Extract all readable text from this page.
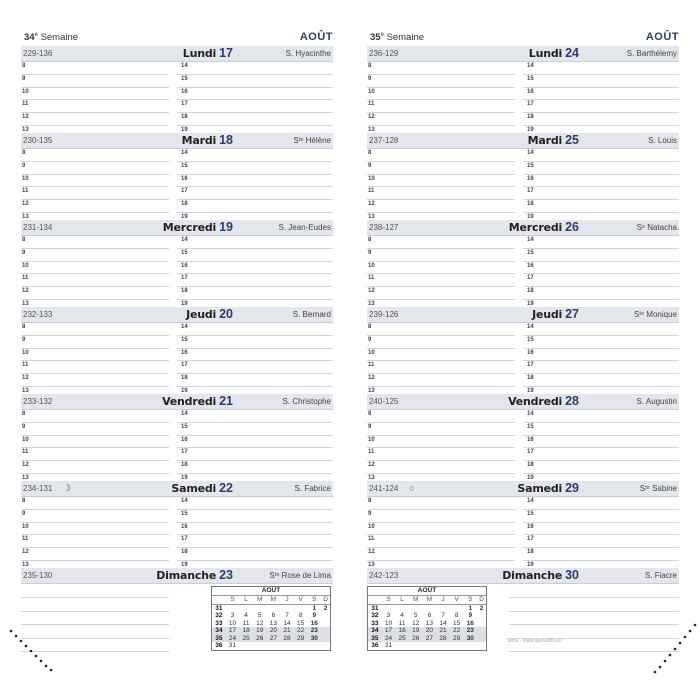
34e Semaine	AOÛT
229-136	Lundi 17	S. Hyacinthe
8
9
10
11
12
13
14
15
16
17
18
19
230-135	Mardi 18	Sᵗᵉ Hélène
8
9
10
11
12
13
14
15
16
17
18
19
231-134	Mercredi 19	S. Jean-Eudes
8
9
10
11
12
13
14
15
16
17
18
19
232-133	Jeudi 20	S. Bernard
8
9
10
11
12
13
14
15
16
17
18
19
233-132	Vendredi 21	S. Christophe
8
9
10
11
12
13
14
15
16
17
18
19
234-131 ☽	Samedi 22	S. Fabrice
8
9
10
11
12
13
14
15
16
17
18
19
235-130	Dimanche 23	Sᵗᵉ Rose de Lima
AOÛT
	S	L	M	M	J	V	S	D
31							1	2
32	3	4	5	6	7	8	9	
33	10	11	12	13	14	15	16	
34	17	18	19	20	21	22	23	
35	24	25	26	27	28	29	30	
36	31							
35e Semaine	AOÛT
236-129	Lundi 24	S. Barthélemy
8
9
10
11
12
13
14
15
16
17
18
19
237-128	Mardi 25	S. Louis
8
9
10
11
12
13
14
15
16
17
18
19
238-127	Mercredi 26	Sᵉ Natacha
8
9
10
11
12
13
14
15
16
17
18
19
239-126	Jeudi 27	Sᵗᵉ Monique
8
9
10
11
12
13
14
15
16
17
18
19
240-125	Vendredi 28	S. Augustin
8
9
10
11
12
13
14
15
16
17
18
19
241-124 ○	Samedi 29	Sᵗᵉ Sabine
8
9
10
11
12
13
14
15
16
17
18
19
242-123	Dimanche 30	S. Fiacre
AOÛT
	S	L	M	M	J	V	S	D
31							1	2
32	3	4	5	6	7	8	9	
33	10	11	12	13	14	15	16	
34	17	18	19	20	21	22	23	
35	24	25	26	27	28	29	30	
36	31							
Sima - www.quovadis.eu
